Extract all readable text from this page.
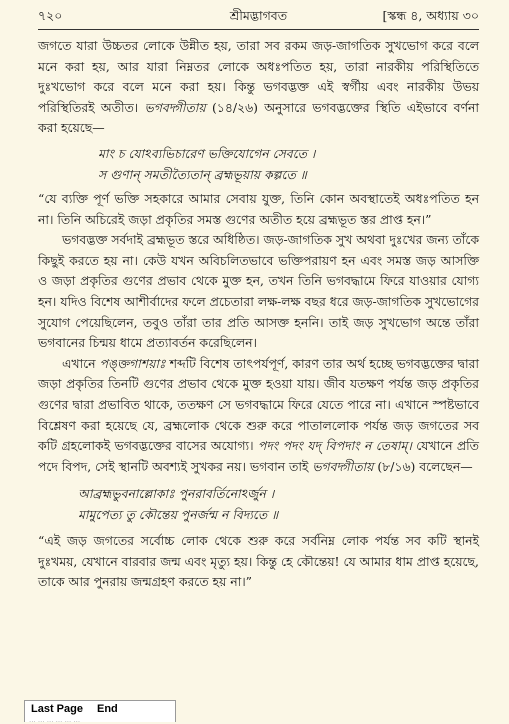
৭২০	শ্রীমদ্ভাগবত	[স্কন্ধ ৪, অধ্যায় ৩০

জগতে যারা উচ্চতর লোকে উন্নীত হয়, তারা সব রকম জড়-জাগতিক সুখভোগ করে বলে মনে করা হয়, আর যারা নিম্নতর লোকে অধঃপতিত হয়, তারা নারকীয় পরিস্থিতিতে দুঃখভোগ করে বলে মনে করা হয়। কিন্তু ভগবদ্ভক্ত এই স্বর্গীয় এবং নারকীয় উভয় পরিস্থিতিরই অতীত। ভগবদ্গীতায় (১৪/২৬) অনুসারে ভগবদ্ভক্তের স্থিতি এইভাবে বর্ণনা করা হয়েছে—

মাং চ যোঽব্যভিচারেণ ভক্তিযোগেন সেবতে ।
স গুণান্ সমতীত্যৈতান্ ব্রহ্মভূয়ায় কল্পতে ॥

“যে ব্যক্তি পূর্ণ ভক্তি সহকারে আমার সেবায় যুক্ত, তিনি কোন অবস্থাতেই অধঃপতিত হন না। তিনি অচিরেই জড়া প্রকৃতির সমস্ত গুণের অতীত হয়ে ব্রহ্মভূত স্তর প্রাপ্ত হন।”

ভগবদ্ভক্ত সর্বদাই ব্রহ্মভূত স্তরে অধিষ্ঠিত। জড়-জাগতিক সুখ অথবা দুঃখের জন্য তাঁকে কিছুই করতে হয় না। কেউ যখন অবিচলিতভাবে ভক্তিপরায়ণ হন এবং সমস্ত জড় আসক্তি ও জড়া প্রকৃতির গুণের প্রভাব থেকে মুক্ত হন, তখন তিনি ভগবদ্ধামে ফিরে যাওয়ার যোগ্য হন। যদিও বিশেষ আশীর্বাদের ফলে প্রচেতারা লক্ষ-লক্ষ বছর ধরে জড়-জাগতিক সুখভোগের সুযোগ পেয়েছিলেন, তবুও তাঁরা তার প্রতি আসক্ত হননি। তাই জড় সুখভোগ অন্তে তাঁরা ভগবানের চিন্ময় ধামে প্রত্যাবর্তন করেছিলেন।

এখানে পঙ্ক্তগাশয়াঃ শব্দটি বিশেষ তাৎপর্যপূর্ণ, কারণ তার অর্থ হচ্ছে ভগবদ্ভক্তের দ্বারা জড়া প্রকৃতির তিনটি গুণের প্রভাব থেকে মুক্ত হওয়া যায়। জীব যতক্ষণ পর্যন্ত জড় প্রকৃতির গুণের দ্বারা প্রভাবিত থাকে, ততক্ষণ সে ভগবদ্ধামে ফিরে যেতে পারে না। এখানে স্পষ্টভাবে বিশ্লেষণ করা হয়েছে যে, ব্রহ্মলোক থেকে শুরু করে পাতাললোক পর্যন্ত জড় জগতের সব কটি গ্রহলোকই ভগবদ্ভক্তের বাসের অযোগ্য। পদং পদং যদ্ বিপদাং ন তেষাম্। যেখানে প্রতি পদে বিপদ, সেই স্থানটি অবশ্যই সুখকর নয়। ভগবান তাই ভগবদ্গীতায় (৮/১৬) বলেছেন—

আব্রহ্মভুবনাল্লোকাঃ পুনরাবর্তিনোঽর্জুন ।
মামুপেত্য তু কৌন্তেয় পুনর্জন্ম ন বিদ্যতে ॥

“এই জড় জগতের সর্বোচ্চ লোক থেকে শুরু করে সর্বনিম্ন লোক পর্যন্ত সব কটি স্থানই দুঃখময়, যেখানে বারবার জন্ম এবং মৃত্যু হয়। কিন্তু হে কৌন্তেয়! যে আমার ধাম প্রাপ্ত হয়েছে, তাকে আর পুনরায় জন্মগ্রহণ করতে হয় না।”

Last Page End
... ... ... ... ... ...
